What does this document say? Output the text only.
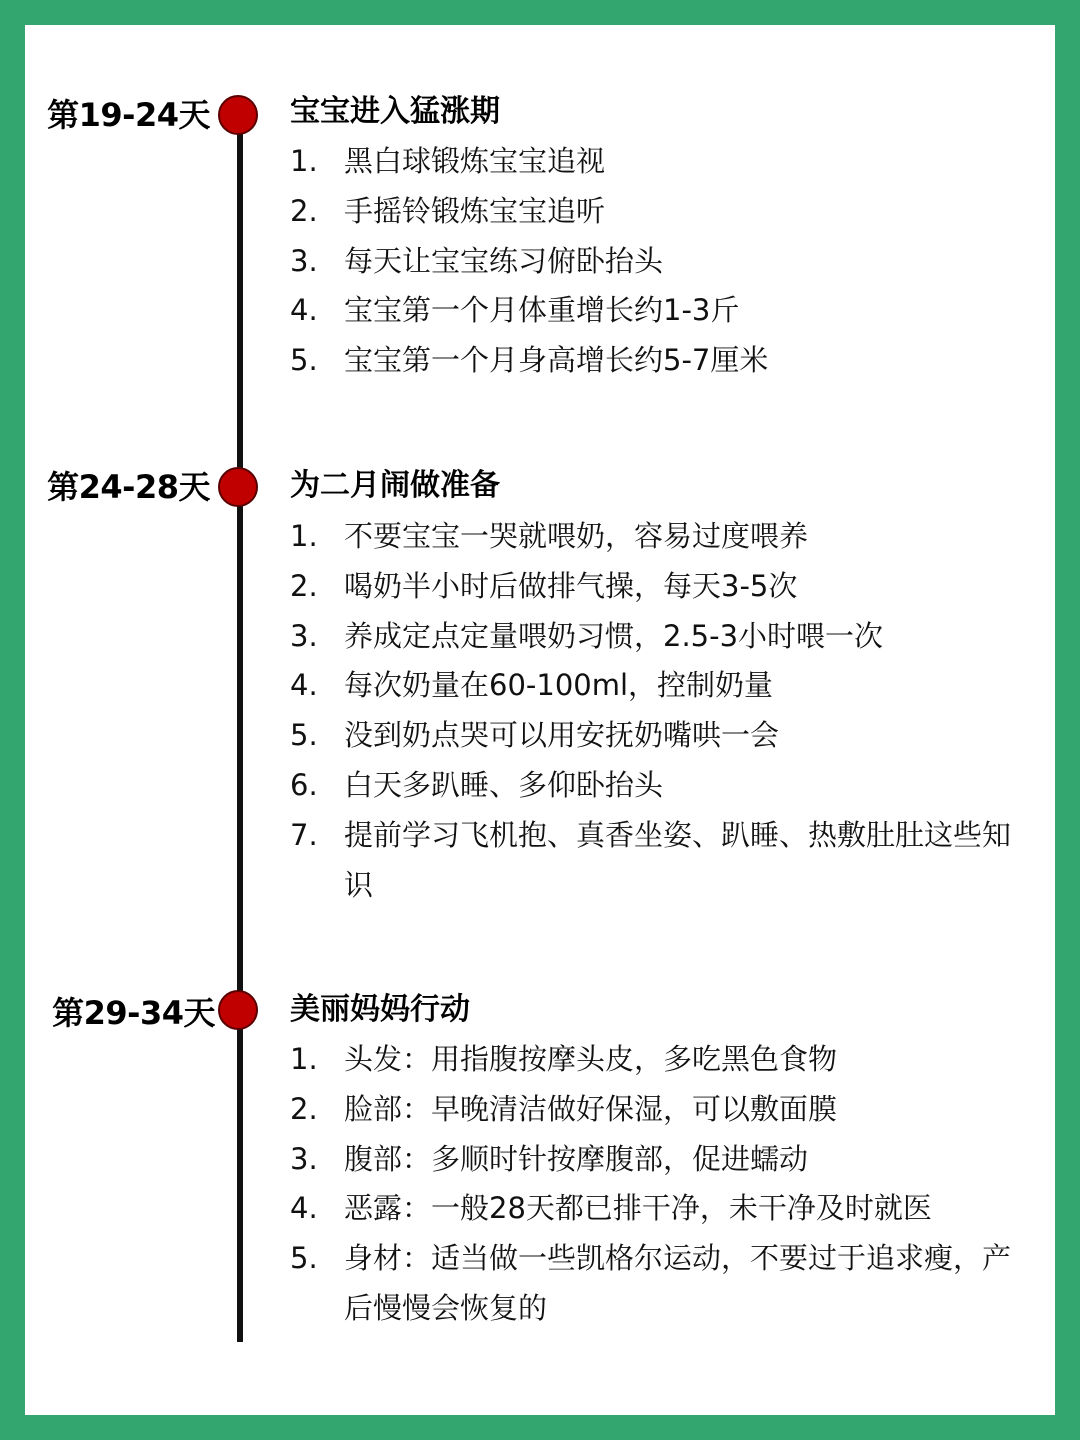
第19-24天	宝宝进入猛涨期
1. 黑白球锻炼宝宝追视
2. 手摇铃锻炼宝宝追听
3. 每天让宝宝练习俯卧抬头
4. 宝宝第一个月体重增长约1-3斤
5. 宝宝第一个月身高增长约5-7厘米
第24-28天	为二月闹做准备
1. 不要宝宝一哭就喂奶，容易过度喂养
2. 喝奶半小时后做排气操，每天3-5次
3. 养成定点定量喂奶习惯，2.5-3小时喂一次
4. 每次奶量在60-100ml，控制奶量
5. 没到奶点哭可以用安抚奶嘴哄一会
6. 白天多趴睡、多仰卧抬头
7. 提前学习飞机抱、真香坐姿、趴睡、热敷肚肚这些知识
第29-34天	美丽妈妈行动
1. 头发：用指腹按摩头皮，多吃黑色食物
2. 脸部：早晚清洁做好保湿，可以敷面膜
3. 腹部：多顺时针按摩腹部，促进蠕动
4. 恶露：一般28天都已排干净，未干净及时就医
5. 身材：适当做一些凯格尔运动，不要过于追求瘦，产后慢慢会恢复的
